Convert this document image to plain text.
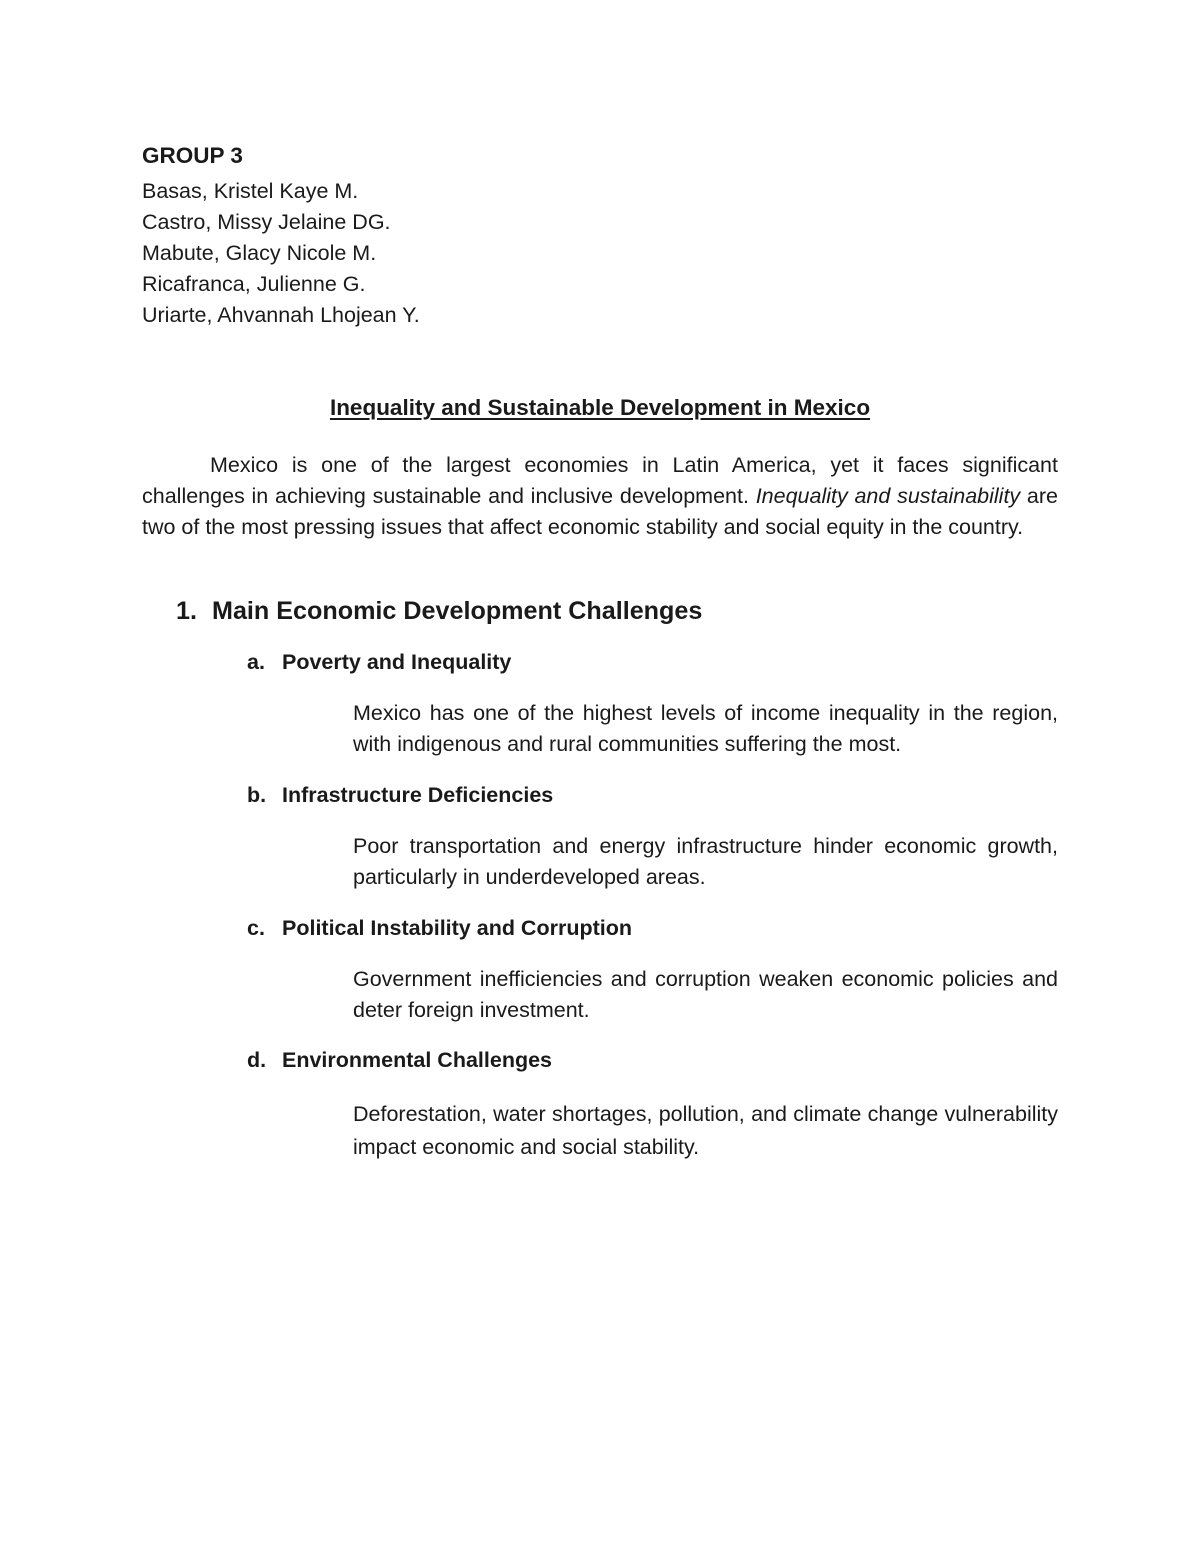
GROUP 3
Basas, Kristel Kaye M.
Castro, Missy Jelaine DG.
Mabute, Glacy Nicole M.
Ricafranca, Julienne G.
Uriarte, Ahvannah Lhojean Y.
Inequality and Sustainable Development in Mexico

Mexico is one of the largest economies in Latin America, yet it faces significant challenges in achieving sustainable and inclusive development. Inequality and sustainability are two of the most pressing issues that affect economic stability and social equity in the country.

1. Main Economic Development Challenges
a. Poverty and Inequality

Mexico has one of the highest levels of income inequality in the region, with indigenous and rural communities suffering the most.

b. Infrastructure Deficiencies

Poor transportation and energy infrastructure hinder economic growth, particularly in underdeveloped areas.

c. Political Instability and Corruption

Government inefficiencies and corruption weaken economic policies and deter foreign investment.

d. Environmental Challenges

Deforestation, water shortages, pollution, and climate change vulnerability impact economic and social stability.
